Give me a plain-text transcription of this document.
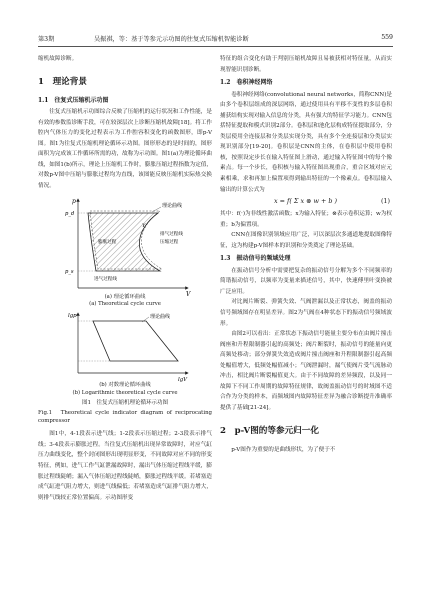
第3期	吴振祺，等：基于等参元示功图的往复式压缩机智能诊断	559

缩机故障诊断。

1　理论背景
1.1　往复式压缩机示功图

往复式压缩机示功图综合反映了压缩机的运行状况和工作性能，是有效的参数监诊断手段，可在较深层次上诊断压缩机故障[18]。将工作腔内气体压力的变化过程表示为工作腔容积变化的函数图形，即p-V图。图1为往复式压缩机理论循环示功图。图形形态的是时间的，图形面积为完成该工作循环所需的功，故称为示功图。图1(a)为理论循环曲线，如图1(b)所示，理论上压缩机工作时，膨胀压缩过程指数为定值，对数p-V图中压缩与膨胀过程均为直线，该图能反映压缩机实际热交换情况。

p
V
p_d
p_s
理论曲线
Y
排气过程线
压缩过程
进气过程线
膨胀过程
lgp
lgV
理论曲线
(a) 理论循环曲线
(a) Theoretical cycle curve
(b) 对数理论循环曲线
(b) Logarithmic theoretical cycle curve
图1　往复式压缩机理论循环示功图
Fig.1　Theoretical cycle indicator diagram of reciprocating compressor

图1中，4-1段表示进气线；1-2段表示压缩过程；2-3段表示排气线；3-4段表示膨胀过程。当往复式压缩机出现异常故障时，对应气缸压力曲线变化，整个封闭图形出现明显形变，不同故障对应不同的形变特征，例如，进气工作气缸泄漏故障时，漏出气体压缩过程线平缓，膨胀过程线陡峭；漏入气体压缩过程线陡峭，膨胀过程线平缓。若堵塞造成气缸进气阻力增大，则进气线偏低；若堵塞造成气缸排气阻力增大，则排气线较正常位置偏高。示功图形变

特征的组合变化有助于判别压缩机故障且易被获相对特征量，从而实现智能识别诊断。

1.2　卷积神经网络

卷积神经网络(convolutional neural networks，简称CNN)是由多个卷积层组成的深层网络，通过使用具有平移不变性的多层卷积捕获结构实现对输入信息的分类，具有强大的特征学习能力。CNN包括特征提取和模式识别2部分。卷积层和池化层构成特征提取部分，分类层使用全连接层和分类层实现分类，具有多个全连接层和分类层实现识别部分[19-20]。卷积层是CNN的主体，在卷积层中使用卷积核，按照设定步长在输入特征图上滑动，通过输入特征图中的每个像素点。每一个步长，卷积核与输入特征图出现重合，重合区域对应元素相乘，求和再加上偏置项得到输出特征的一个像素点。卷积层输入输出的计算公式为

x = f( Σ x ⊗ w + b )	(1)

其中：f(·)为非线性激活函数；x为输入特征；⊗表示卷积运算；w为权重；b为偏置项。

CNN在图像识别领域应用广泛，可以深层次多通道地提取图像特征，这为构建p-V图样本的识别和分类奠定了理论基础。

1.3　振动信号的频域处理

在振动信号分析中需要把复杂的振动信号分解为多个不同频率的简谐振动信号，以频率为变量来描述信号，其中，快速傅里叶变换被广泛应用。

对比阀片断裂、弹簧失效、气阀泄漏以及正常状态，阀盖的振动信号频域图存在明显差异。图2为气阀在4种状态下的振动信号频域波形。

由图2可以看出：正常状态下振动信号能量主要分布在由阀片撞击阀座和升程限制器引起的高频处；阀片断裂时，振动信号的能量向更高频处移动；部分弹簧失效造成阀片撞击阀座和升程限制器引起高频处幅值增大，低频处幅值减小；气阀泄漏时，漏气使阀片受气流脉动冲击，相比阀片断裂幅值更大。由于不同故障的差异频段，以及同一故障下不同工作周期的故障特征规律，故阀盖振动信号的时域图不适合作为分类的样本，而频域图内故障特征差异为融合诊断提升准确率提供了基础[21-24]。

2　p-V图的等参元归一化

p-V图作为重要的是曲线形状，为了便于不
